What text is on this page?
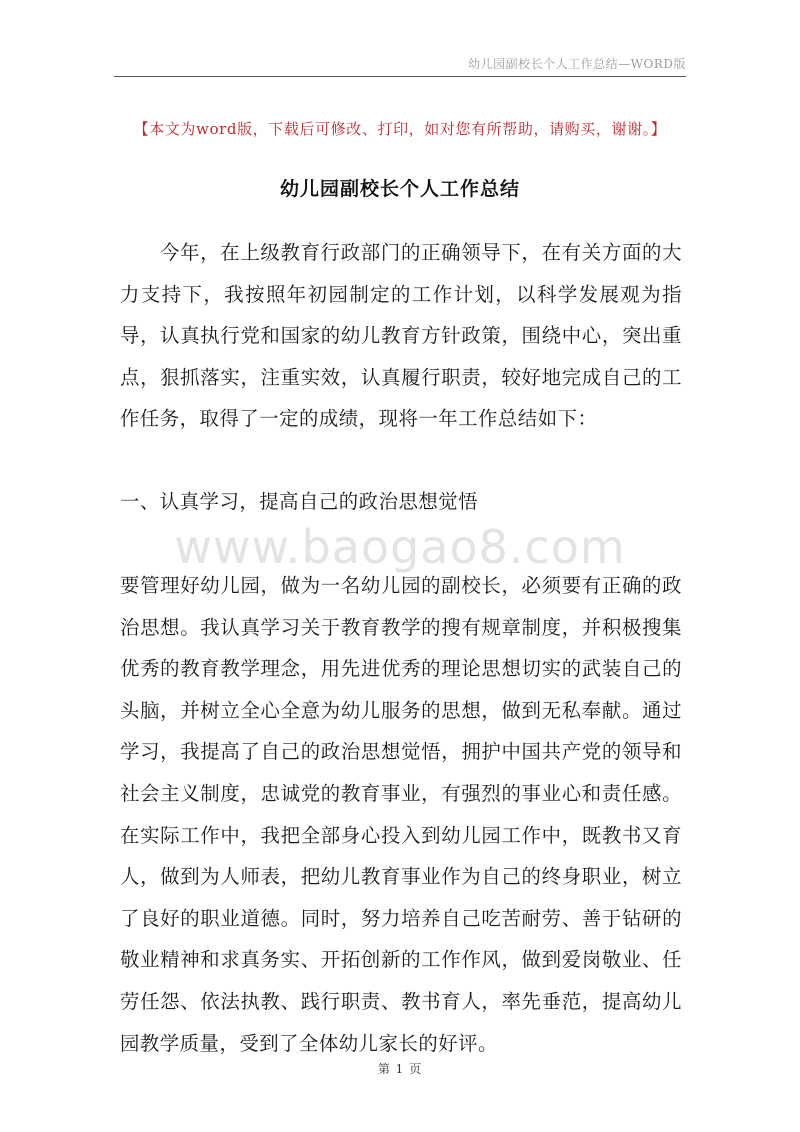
幼儿园副校长个人工作总结—WORD版
【本文为word版，下载后可修改、打印，如对您有所帮助，请购买，谢谢。】
幼儿园副校长个人工作总结

今年，在上级教育行政部门的正确领导下，在有关方面的大力支持下，我按照年初园制定的工作计划，以科学发展观为指导，认真执行党和国家的幼儿教育方针政策，围绕中心，突出重点，狠抓落实，注重实效，认真履行职责，较好地完成自己的工作任务，取得了一定的成绩，现将一年工作总结如下：

一、认真学习，提高自己的政治思想觉悟
www.baogao8.com

要管理好幼儿园，做为一名幼儿园的副校长，必须要有正确的政治思想。我认真学习关于教育教学的搜有规章制度，并积极搜集优秀的教育教学理念，用先进优秀的理论思想切实的武装自己的头脑，并树立全心全意为幼儿服务的思想，做到无私奉献。通过学习，我提高了自己的政治思想觉悟，拥护中国共产党的领导和社会主义制度，忠诚党的教育事业，有强烈的事业心和责任感。在实际工作中，我把全部身心投入到幼儿园工作中，既教书又育人，做到为人师表，把幼儿教育事业作为自己的终身职业，树立了良好的职业道德。同时，努力培养自己吃苦耐劳、善于钻研的敬业精神和求真务实、开拓创新的工作作风，做到爱岗敬业、任劳任怨、依法执教、践行职责、教书育人，率先垂范，提高幼儿园教学质量，受到了全体幼儿家长的好评。

第 1 页
